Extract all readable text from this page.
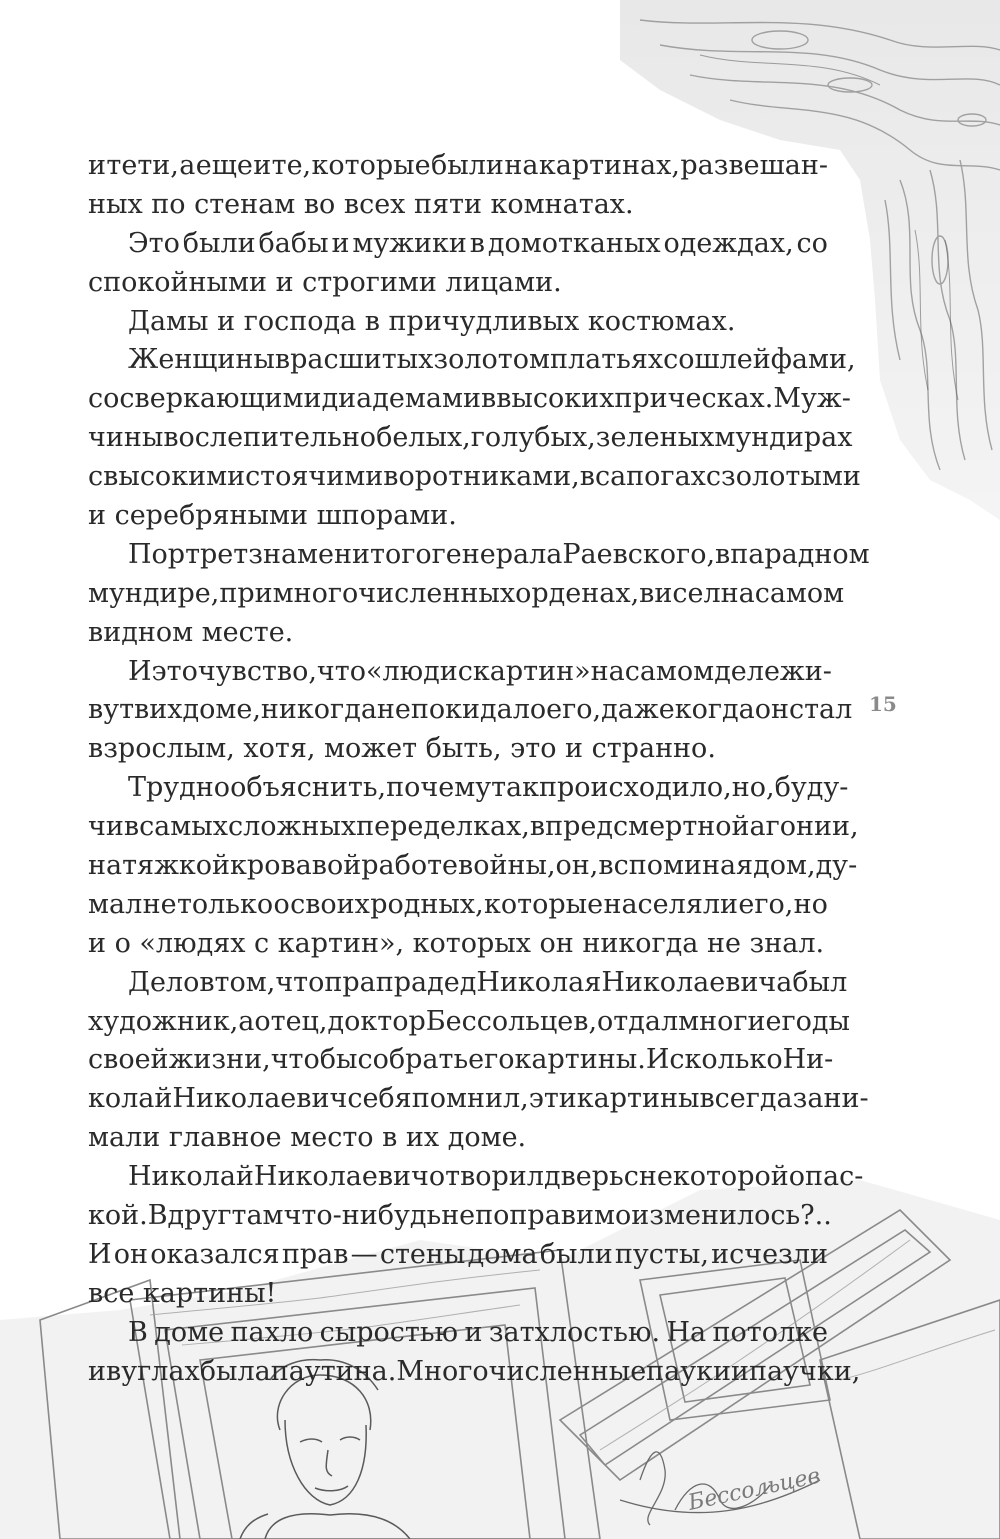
Бессольцев
и тети, а еще и те, которые были на картинах, развешан-
ных по стенам во всех пяти комнатах.
Это были бабы и мужики в домотканых одеждах, со
спокойными и строгими лицами.
Дамы и господа в причудливых костюмах.
Женщины в расшитых золотом платьях со шлейфами,
со сверкающими диадемами в высоких прическах. Муж-
чины в ослепительно белых, голубых, зеленых мундирах
с высокими стоячими воротниками, в сапогах с золотыми
и серебряными шпорами.
Портрет знаменитого генерала Раевского, в парадном
мундире, при многочисленных орденах, висел на самом
видном месте.
И это чувство, что «люди с картин» на самом деле жи-
вут в их доме, никогда не покидало его, даже когда он стал
взрослым, хотя, может быть, это и странно.
Трудно объяснить, почему так происходило, но, буду-
чи в самых сложных переделках, в предсмертной агонии,
на тяжкой кровавой работе войны, он, вспоминая дом, ду-
мал не только о своих родных, которые населяли его, но
и о «людях с картин», которых он никогда не знал.
Дело в том, что прапрадед Николая Николаевича был
художник, а отец, доктор Бессольцев, отдал многие годы
своей жизни, чтобы собрать его картины. И сколько Ни-
колай Николаевич себя помнил, эти картины всегда зани-
мали главное место в их доме.
Николай Николаевич отворил дверь с некоторой опас-
кой. Вдруг там что-нибудь непоправимо изменилось?..
И он оказался прав — стены дома были пусты, исчезли
все картины!
В доме пахло сыростью и затхлостью. На потолке
и в углах была паутина. Многочисленные пауки и паучки,
15
